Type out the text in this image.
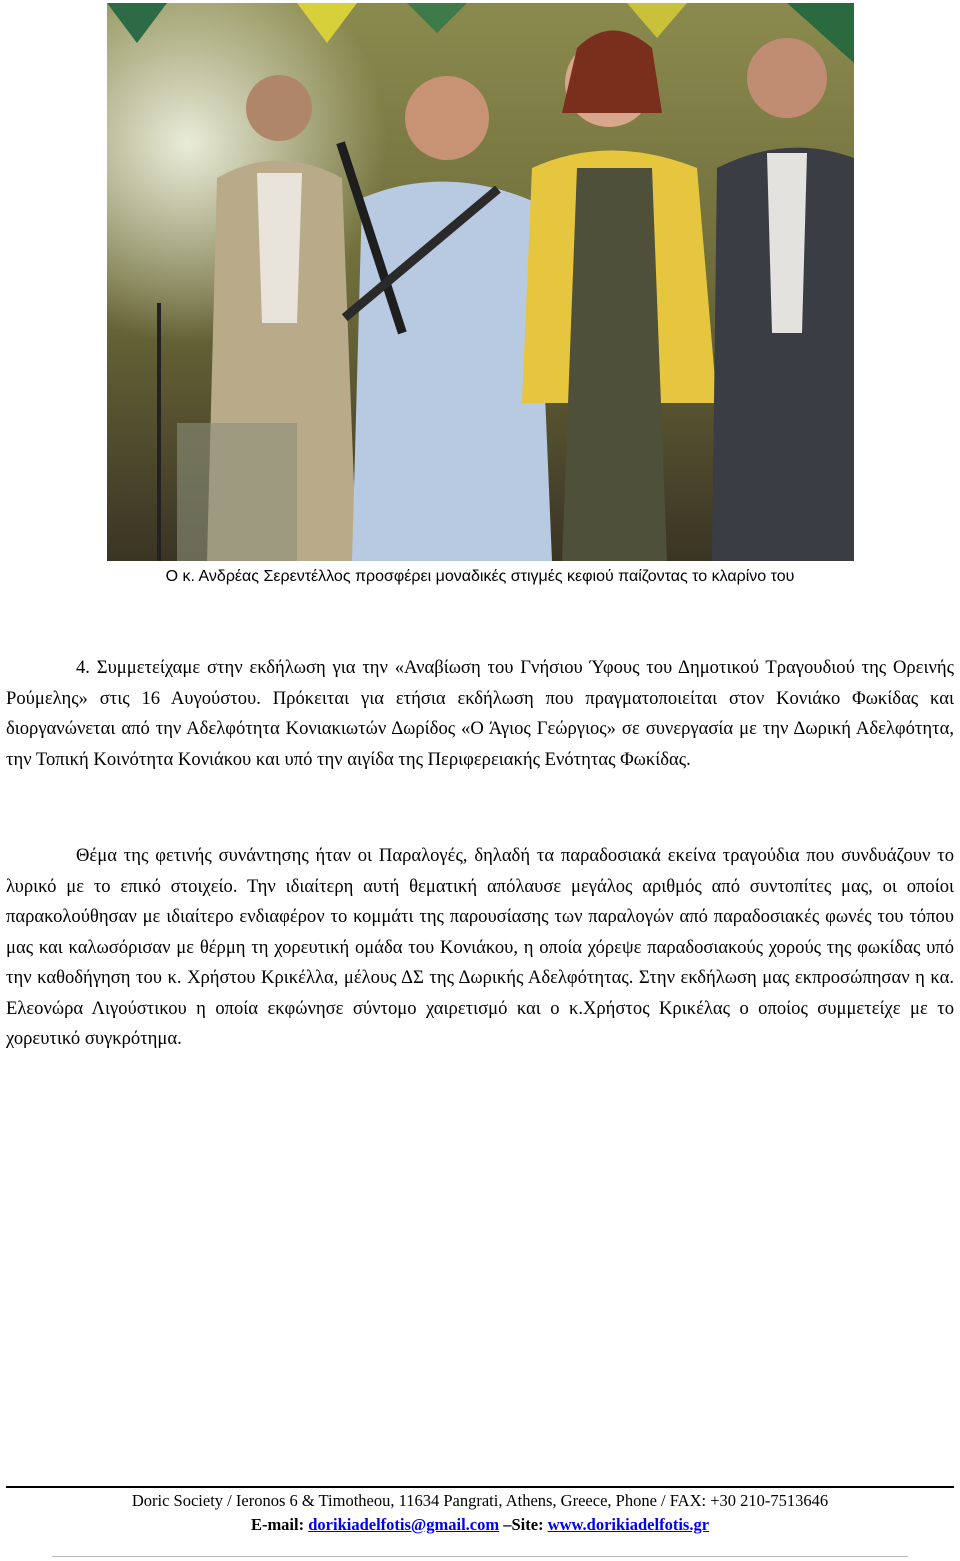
Ο κ. Ανδρέας Σερεντέλλος προσφέρει μοναδικές στιγμές κεφιού παίζοντας το κλαρίνο του

4. Συμμετείχαμε στην εκδήλωση για την «Αναβίωση του Γνήσιου Ύφους του Δημοτικού Τραγουδιού της Ορεινής Ρούμελης» στις 16 Αυγούστου. Πρόκειται για ετήσια εκδήλωση που πραγματοποιείται στον Κονιάκο Φωκίδας και διοργανώνεται από την Αδελφότητα Κονιακιωτών Δωρίδος «Ο Άγιος Γεώργιος» σε συνεργασία με την Δωρική Αδελφότητα, την Τοπική Κοινότητα Κονιάκου και υπό την αιγίδα της Περιφερειακής Ενότητας Φωκίδας.

Θέμα της φετινής συνάντησης ήταν οι Παραλογές, δηλαδή τα παραδοσιακά εκείνα τραγούδια που συνδυάζουν το λυρικό με το επικό στοιχείο. Την ιδιαίτερη αυτή θεματική απόλαυσε μεγάλος αριθμός από συντοπίτες μας, οι οποίοι παρακολούθησαν με ιδιαίτερο ενδιαφέρον το κομμάτι της παρουσίασης των παραλογών από παραδοσιακές φωνές του τόπου μας και καλωσόρισαν με θέρμη τη χορευτική ομάδα του Κονιάκου, η οποία χόρεψε παραδοσιακούς χορούς της φωκίδας υπό την καθοδήγηση του κ. Χρήστου Κρικέλλα, μέλους ΔΣ της Δωρικής Αδελφότητας. Στην εκδήλωση μας εκπροσώπησαν η κα. Ελεονώρα Λιγούστικου η οποία εκφώνησε σύντομο χαιρετισμό και ο κ.Χρήστος Κρικέλας ο οποίος συμμετείχε με το χορευτικό συγκρότημα.

Doric Society / Ieronos 6 & Timotheou, 11634 Pangrati, Athens, Greece, Phone / FAX: +30 210-7513646
E-mail: dorikiadelfotis@gmail.com –Site: www.dorikiadelfotis.gr
